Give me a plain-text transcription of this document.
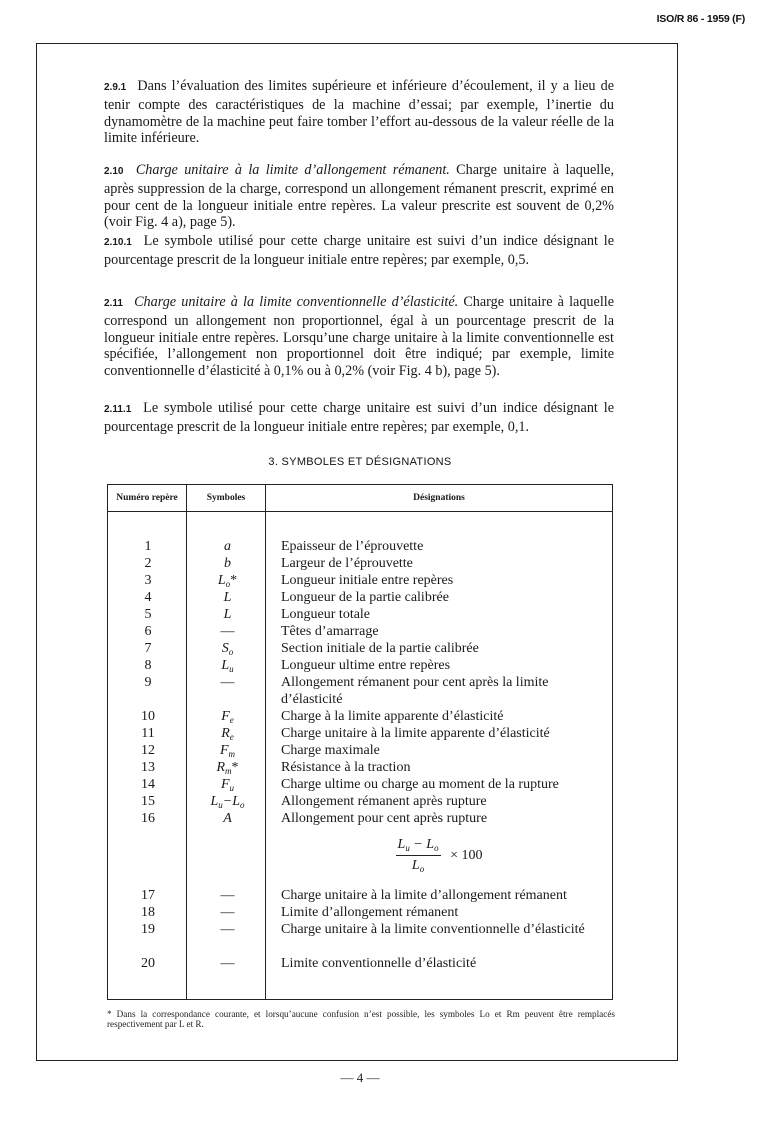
ISO/R 86 - 1959 (F)
2.9.1 Dans l’évaluation des limites supérieure et inférieure d’écoulement, il y a lieu de tenir compte des caractéristiques de la machine d’essai; par exemple, l’inertie du dynamomètre de la machine peut faire tomber l’effort au-dessous de la valeur réelle de la limite inférieure.
2.10 Charge unitaire à la limite d’allongement rémanent. Charge unitaire à laquelle, après suppression de la charge, correspond un allongement rémanent prescrit, exprimé en pour cent de la longueur initiale entre repères. La valeur prescrite est souvent de 0,2% (voir Fig. 4 a), page 5).
2.10.1 Le symbole utilisé pour cette charge unitaire est suivi d’un indice désignant le pourcentage prescrit de la longueur initiale entre repères; par exemple, 0,5.
2.11 Charge unitaire à la limite conventionnelle d’élasticité. Charge unitaire à laquelle correspond un allongement non proportionnel, égal à un pourcentage prescrit de la longueur initiale entre repères. Lorsqu’une charge unitaire à la limite conventionnelle est spécifiée, l’allongement non proportionnel doit être indiqué; par exemple, limite conventionnelle d’élasticité à 0,1% ou à 0,2% (voir Fig. 4 b), page 5).
2.11.1 Le symbole utilisé pour cette charge unitaire est suivi d’un indice désignant le pourcentage prescrit de la longueur initiale entre repères; par exemple, 0,1.
3. SYMBOLES ET DÉSIGNATIONS
Numéro repère	Symboles	Désignations
1	a	Epaisseur de l’éprouvette
2	b	Largeur de l’éprouvette
3	$L_o*$	Longueur initiale entre repères
4	L	Longueur de la partie calibrée
5	L	Longueur totale
6	—	Têtes d’amarrage
7	$S_o$	Section initiale de la partie calibrée
8	$L_u$	Longueur ultime entre repères
9	—	Allongement rémanent pour cent après la limite d’élasticité
10	$F_e$	Charge à la limite apparente d’élasticité
11	$R_e$	Charge unitaire à la limite apparente d’élasticité
12	$F_m$	Charge maximale
13	$R_m*$	Résistance à la traction
14	$F_u$	Charge ultime ou charge au moment de la rupture
15	$L_u-L_o$	Allongement rémanent après rupture
16	A	Allongement pour cent après rupture
$\frac{L_u - L_o}{L_o} \times 100$
17	—	Charge unitaire à la limite d’allongement rémanent
18	—	Limite d’allongement rémanent
19	—	Charge unitaire à la limite conventionnelle d’élasticité
20	—	Limite conventionnelle d’élasticité
* Dans la correspondance courante, et lorsqu’aucune confusion n’est possible, les symboles Lo et Rm peuvent être remplacés respectivement par L et R.
— 4 —
